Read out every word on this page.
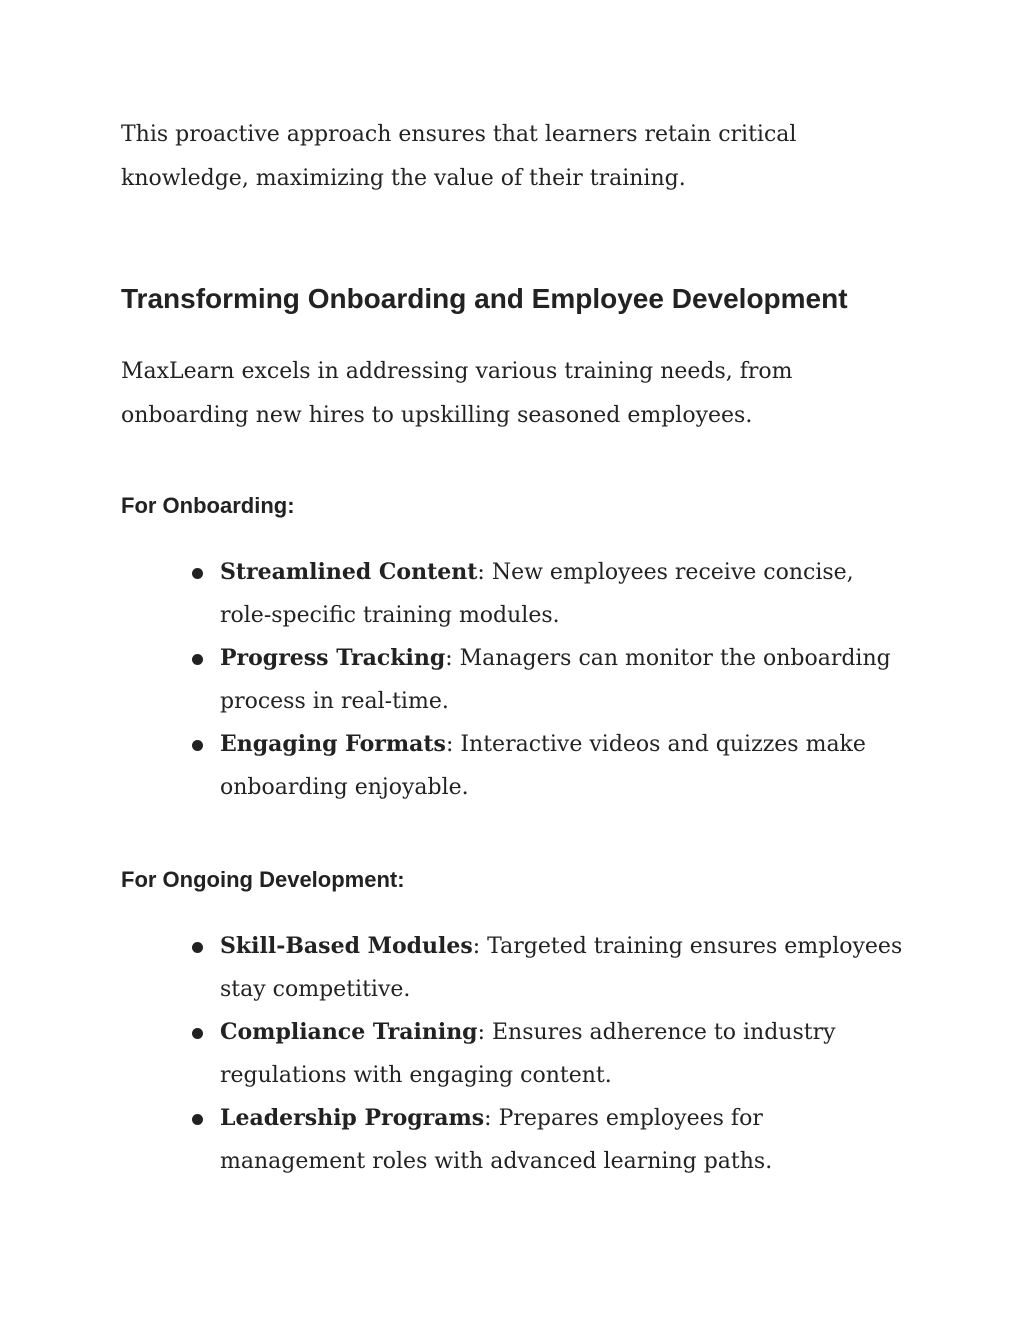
This proactive approach ensures that learners retain critical knowledge, maximizing the value of their training.

Transforming Onboarding and Employee Development

MaxLearn excels in addressing various training needs, from onboarding new hires to upskilling seasoned employees.

For Onboarding:
Streamlined Content: New employees receive concise, role-specific training modules.
Progress Tracking: Managers can monitor the onboarding process in real-time.
Engaging Formats: Interactive videos and quizzes make onboarding enjoyable.
For Ongoing Development:
Skill-Based Modules: Targeted training ensures employees stay competitive.
Compliance Training: Ensures adherence to industry regulations with engaging content.
Leadership Programs: Prepares employees for management roles with advanced learning paths.
